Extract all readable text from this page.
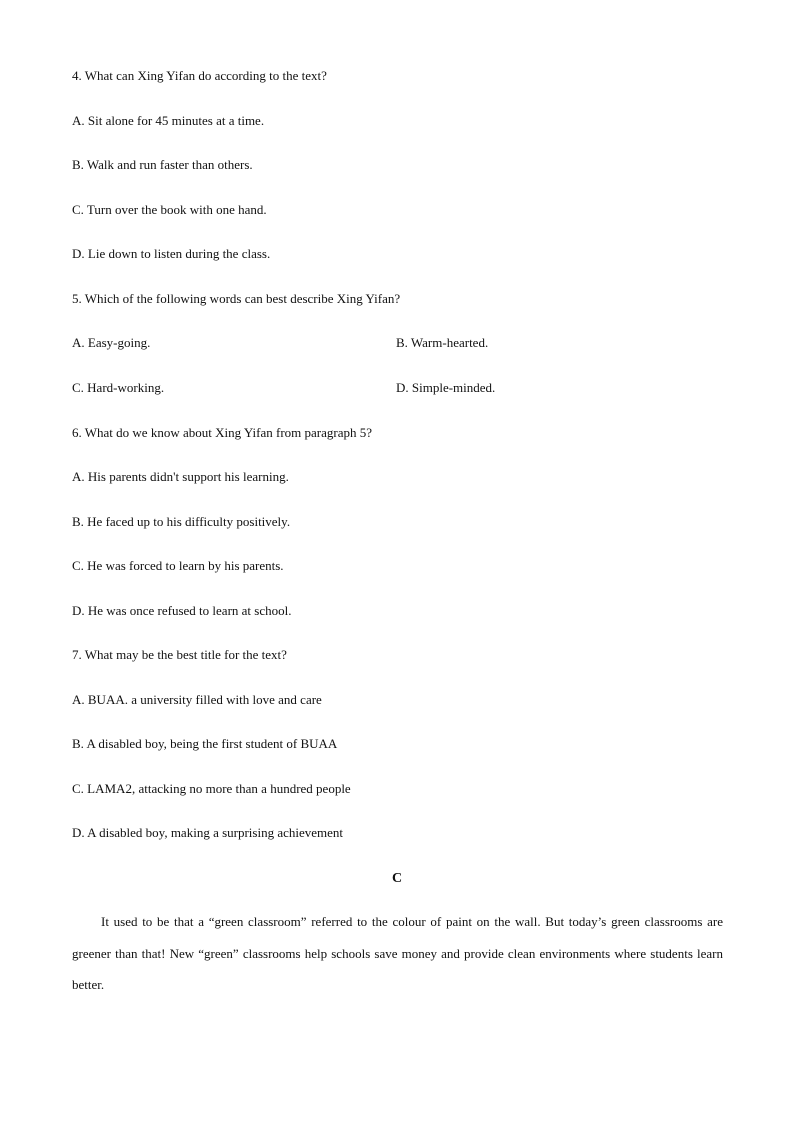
4. What can Xing Yifan do according to the text?
A. Sit alone for 45 minutes at a time.
B. Walk and run faster than others.
C. Turn over the book with one hand.
D. Lie down to listen during the class.
5. Which of the following words can best describe Xing Yifan?
A. Easy-going.	B. Warm-hearted.
C. Hard-working.	D. Simple-minded.
6. What do we know about Xing Yifan from paragraph 5?
A. His parents didn't support his learning.
B. He faced up to his difficulty positively.
C. He was forced to learn by his parents.
D. He was once refused to learn at school.
7. What may be the best title for the text?
A. BUAA. a university filled with love and care
B. A disabled boy, being the first student of BUAA
C. LAMA2, attacking no more than a hundred people
D. A disabled boy, making a surprising achievement
C
It used to be that a “green classroom” referred to the colour of paint on the wall. But today’s green classrooms are greener than that! New “green” classrooms help schools save money and provide clean environments where students learn better.
